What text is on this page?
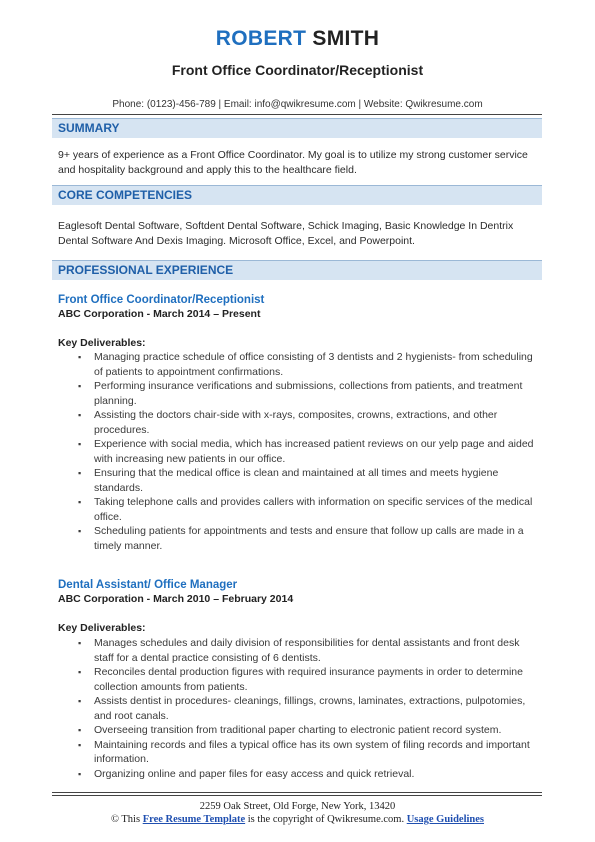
ROBERT SMITH
Front Office Coordinator/Receptionist
Phone: (0123)-456-789 | Email: info@qwikresume.com | Website: Qwikresume.com
SUMMARY
9+ years of experience as a Front Office Coordinator. My goal is to utilize my strong customer service and hospitality background and apply this to the healthcare field.
CORE COMPETENCIES
Eaglesoft Dental Software, Softdent Dental Software, Schick Imaging, Basic Knowledge In Dentrix Dental Software And Dexis Imaging. Microsoft Office, Excel, and Powerpoint.
PROFESSIONAL EXPERIENCE
Front Office Coordinator/Receptionist
ABC Corporation - March 2014 – Present
Key Deliverables:
▪ Managing practice schedule of office consisting of 3 dentists and 2 hygienists- from scheduling of patients to appointment confirmations.
▪ Performing insurance verifications and submissions, collections from patients, and treatment planning.
▪ Assisting the doctors chair-side with x-rays, composites, crowns, extractions, and other procedures.
▪ Experience with social media, which has increased patient reviews on our yelp page and aided with increasing new patients in our office.
▪ Ensuring that the medical office is clean and maintained at all times and meets hygiene standards.
▪ Taking telephone calls and provides callers with information on specific services of the medical office.
▪ Scheduling patients for appointments and tests and ensure that follow up calls are made in a timely manner.
Dental Assistant/ Office Manager
ABC Corporation - March 2010 – February 2014
Key Deliverables:
▪ Manages schedules and daily division of responsibilities for dental assistants and front desk staff for a dental practice consisting of 6 dentists.
▪ Reconciles dental production figures with required insurance payments in order to determine collection amounts from patients.
▪ Assists dentist in procedures- cleanings, fillings, crowns, laminates, extractions, pulpotomies, and root canals.
▪ Overseeing transition from traditional paper charting to electronic patient record system.
▪ Maintaining records and files a typical office has its own system of filing records and important information.
▪ Organizing online and paper files for easy access and quick retrieval.
2259 Oak Street, Old Forge, New York, 13420
© This Free Resume Template is the copyright of Qwikresume.com. Usage Guidelines
